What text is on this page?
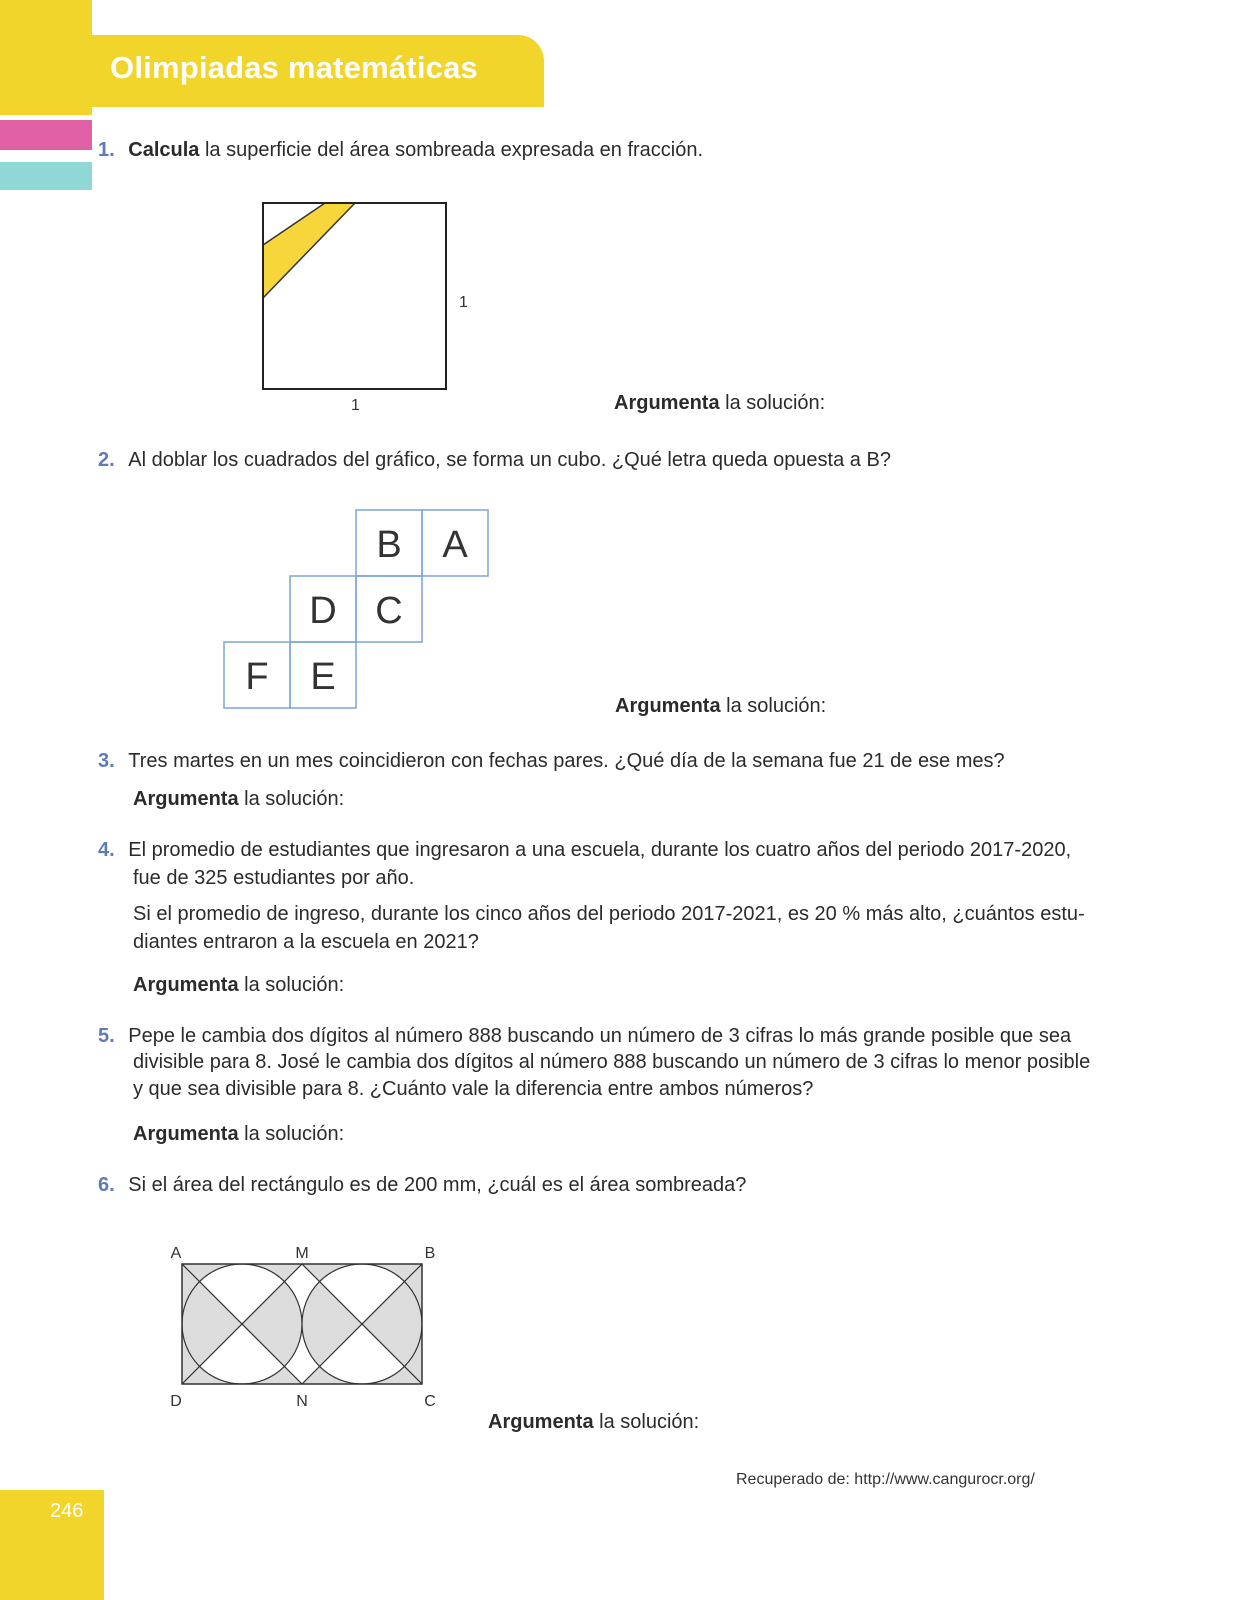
Olimpiadas matemáticas
1. Calcula la superficie del área sombreada expresada en fracción.
1
1	Argumenta la solución:
2. Al doblar los cuadrados del gráfico, se forma un cubo. ¿Qué letra queda opuesta a B?
B A
D C
F E
Argumenta la solución:
3. Tres martes en un mes coincidieron con fechas pares. ¿Qué día de la semana fue 21 de ese mes?
Argumenta la solución:
4. El promedio de estudiantes que ingresaron a una escuela, durante los cuatro años del periodo 2017-2020,
fue de 325 estudiantes por año.
Si el promedio de ingreso, durante los cinco años del periodo 2017-2021, es 20 % más alto, ¿cuántos estu-
diantes entraron a la escuela en 2021?
Argumenta la solución:
5. Pepe le cambia dos dígitos al número 888 buscando un número de 3 cifras lo más grande posible que sea
divisible para 8. José le cambia dos dígitos al número 888 buscando un número de 3 cifras lo menor posible
y que sea divisible para 8. ¿Cuánto vale la diferencia entre ambos números?
Argumenta la solución:
6. Si el área del rectángulo es de 200 mm, ¿cuál es el área sombreada?
A	M	B
D	N	C
Argumenta la solución:
Recuperado de: http://www.cangurocr.org/
246
